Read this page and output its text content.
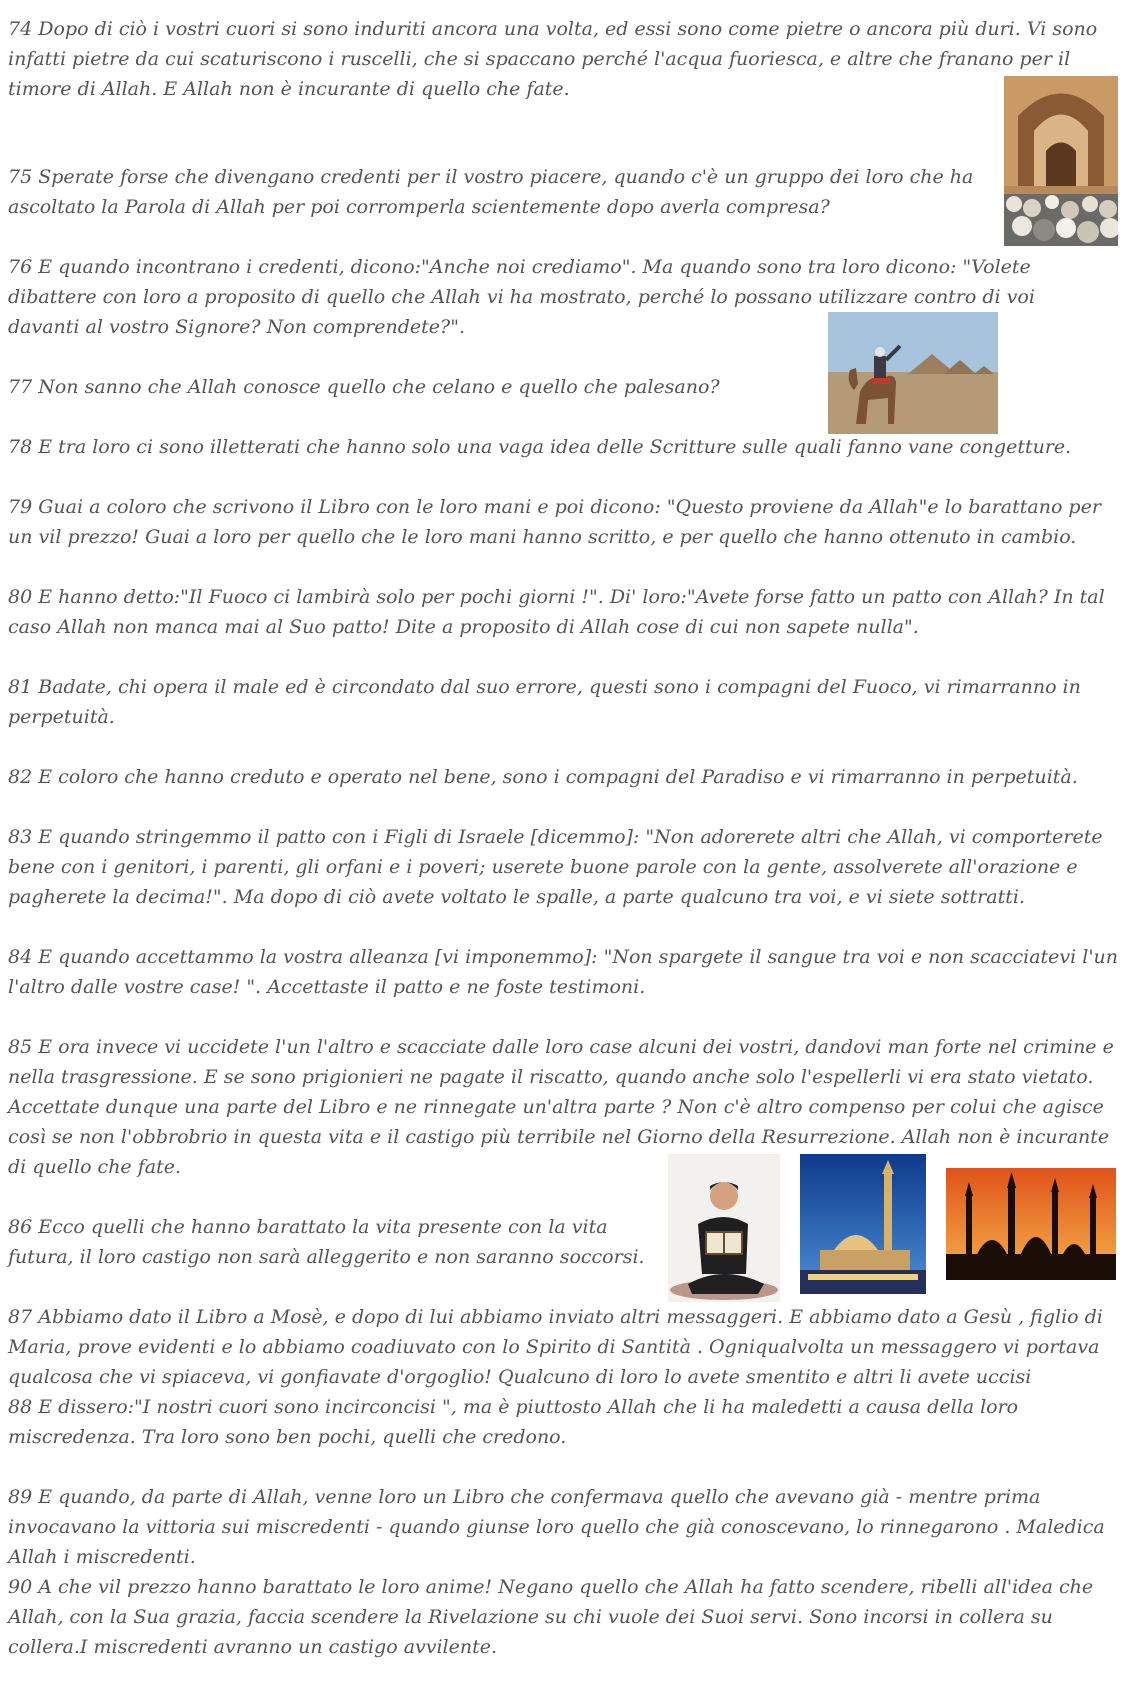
74 Dopo di ciò i vostri cuori si sono induriti ancora una volta, ed essi sono come pietre o ancora più duri. Vi sono infatti pietre da cui scaturiscono i ruscelli, che si spaccano perché l'acqua fuoriesca, e altre che franano per il timore di Allah. E Allah non è incurante di quello che fate.

75 Sperate forse che divengano credenti per il vostro piacere, quando c'è un gruppo dei loro che ha ascoltato la Parola di Allah per poi corromperla scientemente dopo averla compresa?

76 E quando incontrano i credenti, dicono:"Anche noi crediamo". Ma quando sono tra loro dicono: "Volete dibattere con loro a proposito di quello che Allah vi ha mostrato, perché lo possano utilizzare contro di voi davanti al vostro Signore? Non comprendete?".

77 Non sanno che Allah conosce quello che celano e quello che palesano?

78 E tra loro ci sono illetterati che hanno solo una vaga idea delle Scritture sulle quali fanno vane congetture.

79 Guai a coloro che scrivono il Libro con le loro mani e poi dicono: "Questo proviene da Allah"e lo barattano per un vil prezzo! Guai a loro per quello che le loro mani hanno scritto, e per quello che hanno ottenuto in cambio.

80 E hanno detto:"Il Fuoco ci lambirà solo per pochi giorni !". Di' loro:"Avete forse fatto un patto con Allah? In tal caso Allah non manca mai al Suo patto! Dite a proposito di Allah cose di cui non sapete nulla".

81 Badate, chi opera il male ed è circondato dal suo errore, questi sono i compagni del Fuoco, vi rimarranno in perpetuità.

82 E coloro che hanno creduto e operato nel bene, sono i compagni del Paradiso e vi rimarranno in perpetuità.

83 E quando stringemmo il patto con i Figli di Israele [dicemmo]: "Non adorerete altri che Allah, vi comporterete bene con i genitori, i parenti, gli orfani e i poveri; userete buone parole con la gente, assolverete all'orazione e pagherete la decima!". Ma dopo di ciò avete voltato le spalle, a parte qualcuno tra voi, e vi siete sottratti.

84 E quando accettammo la vostra alleanza [vi imponemmo]: "Non spargete il sangue tra voi e non scacciatevi l'un l'altro dalle vostre case! ". Accettaste il patto e ne foste testimoni.

85 E ora invece vi uccidete l'un l'altro e scacciate dalle loro case alcuni dei vostri, dandovi man forte nel crimine e nella trasgressione. E se sono prigionieri ne pagate il riscatto, quando anche solo l'espellerli vi era stato vietato. Accettate dunque una parte del Libro e ne rinnegate un'altra parte ? Non c'è altro compenso per colui che agisce così se non l'obbrobrio in questa vita e il castigo più terribile nel Giorno della Resurrezione. Allah non è incurante di quello che fate.

86 Ecco quelli che hanno barattato la vita presente con la vita futura, il loro castigo non sarà alleggerito e non saranno soccorsi.

87 Abbiamo dato il Libro a Mosè, e dopo di lui abbiamo inviato altri messaggeri. E abbiamo dato a Gesù , figlio di Maria, prove evidenti e lo abbiamo coadiuvato con lo Spirito di Santità . Ogniqualvolta un messaggero vi portava qualcosa che vi spiaceva, vi gonfiavate d'orgoglio! Qualcuno di loro lo avete smentito e altri li avete uccisi

88 E dissero:"I nostri cuori sono incirconcisi ", ma è piuttosto Allah che li ha maledetti a causa della loro miscredenza. Tra loro sono ben pochi, quelli che credono.

89 E quando, da parte di Allah, venne loro un Libro che confermava quello che avevano già - mentre prima invocavano la vittoria sui miscredenti - quando giunse loro quello che già conoscevano, lo rinnegarono . Maledica Allah i miscredenti.

90 A che vil prezzo hanno barattato le loro anime! Negano quello che Allah ha fatto scendere, ribelli all'idea che Allah, con la Sua grazia, faccia scendere la Rivelazione su chi vuole dei Suoi servi. Sono incorsi in collera su collera.I miscredenti avranno un castigo avvilente.
